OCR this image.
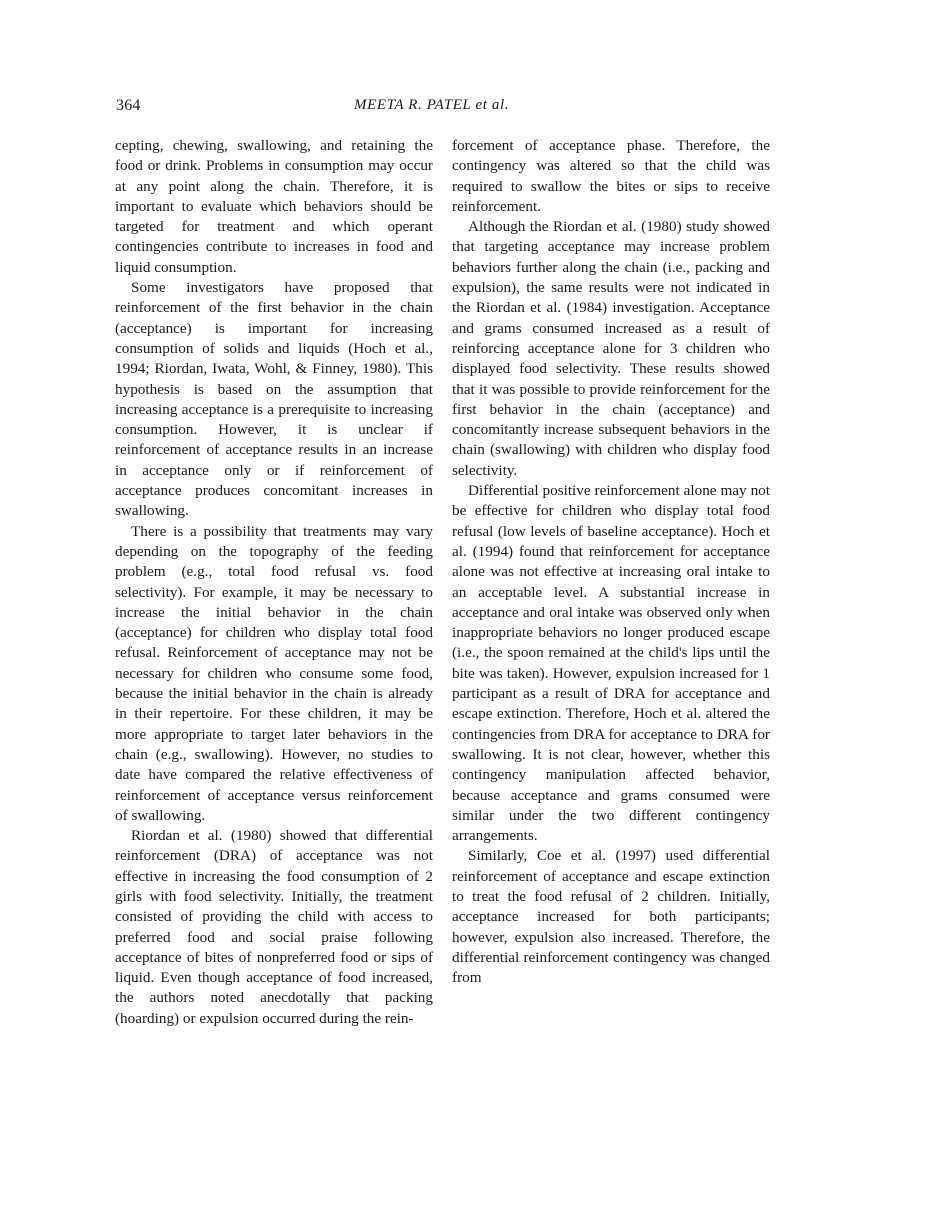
364	MEETA R. PATEL et al.

cepting, chewing, swallowing, and retaining the food or drink. Problems in consumption may occur at any point along the chain. Therefore, it is important to evaluate which behaviors should be targeted for treatment and which operant contingencies contribute to increases in food and liquid consumption.

Some investigators have proposed that reinforcement of the first behavior in the chain (acceptance) is important for increasing consumption of solids and liquids (Hoch et al., 1994; Riordan, Iwata, Wohl, & Finney, 1980). This hypothesis is based on the assumption that increasing acceptance is a prerequisite to increasing consumption. However, it is unclear if reinforcement of acceptance results in an increase in acceptance only or if reinforcement of acceptance produces concomitant increases in swallowing.

There is a possibility that treatments may vary depending on the topography of the feeding problem (e.g., total food refusal vs. food selectivity). For example, it may be necessary to increase the initial behavior in the chain (acceptance) for children who display total food refusal. Reinforcement of acceptance may not be necessary for children who consume some food, because the initial behavior in the chain is already in their repertoire. For these children, it may be more appropriate to target later behaviors in the chain (e.g., swallowing). However, no studies to date have compared the relative effectiveness of reinforcement of acceptance versus reinforcement of swallowing.

Riordan et al. (1980) showed that differential reinforcement (DRA) of acceptance was not effective in increasing the food consumption of 2 girls with food selectivity. Initially, the treatment consisted of providing the child with access to preferred food and social praise following acceptance of bites of nonpreferred food or sips of liquid. Even though acceptance of food increased, the authors noted anecdotally that packing (hoarding) or expulsion occurred during the rein-

forcement of acceptance phase. Therefore, the contingency was altered so that the child was required to swallow the bites or sips to receive reinforcement.

Although the Riordan et al. (1980) study showed that targeting acceptance may increase problem behaviors further along the chain (i.e., packing and expulsion), the same results were not indicated in the Riordan et al. (1984) investigation. Acceptance and grams consumed increased as a result of reinforcing acceptance alone for 3 children who displayed food selectivity. These results showed that it was possible to provide reinforcement for the first behavior in the chain (acceptance) and concomitantly increase subsequent behaviors in the chain (swallowing) with children who display food selectivity.

Differential positive reinforcement alone may not be effective for children who display total food refusal (low levels of baseline acceptance). Hoch et al. (1994) found that reinforcement for acceptance alone was not effective at increasing oral intake to an acceptable level. A substantial increase in acceptance and oral intake was observed only when inappropriate behaviors no longer produced escape (i.e., the spoon remained at the child's lips until the bite was taken). However, expulsion increased for 1 participant as a result of DRA for acceptance and escape extinction. Therefore, Hoch et al. altered the contingencies from DRA for acceptance to DRA for swallowing. It is not clear, however, whether this contingency manipulation affected behavior, because acceptance and grams consumed were similar under the two different contingency arrangements.

Similarly, Coe et al. (1997) used differential reinforcement of acceptance and escape extinction to treat the food refusal of 2 children. Initially, acceptance increased for both participants; however, expulsion also increased. Therefore, the differential reinforcement contingency was changed from
